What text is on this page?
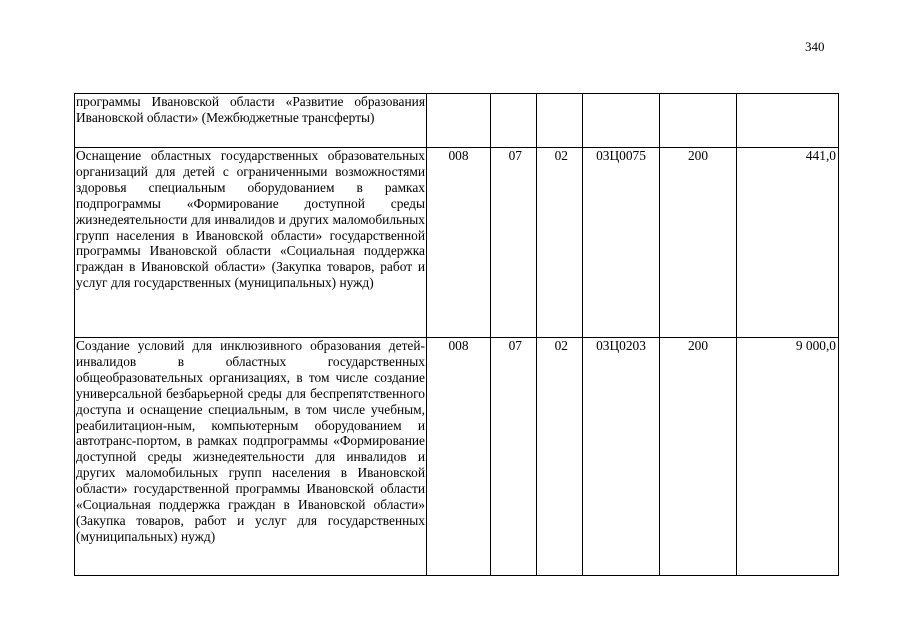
340
программы Ивановской области «Развитие образования Ивановской области» (Межбюджетные трансферты)						

Оснащение областных государственных образовательных организаций для детей с ограниченными возможностями здоровья специальным оборудованием в рамках подпрограммы «Формирование доступной среды жизнедеятельности для инвалидов и других маломобильных групп населения в Ивановской области» государственной программы Ивановской области «Социальная поддержка граждан в Ивановской области» (Закупка товаров, работ и услуг для государственных (муниципальных) нужд)	008	07	02	03Ц0075	200	441,0

Создание условий для инклюзивного образования детей-инвалидов в областных государственных общеобразовательных организациях, в том числе создание универсальной безбарьерной среды для беспрепятственного доступа и оснащение специальным, в том числе учебным, реабилитацион-ным, компьютерным оборудованием и автотранс-портом, в рамках подпрограммы «Формирование доступной среды жизнедеятельности для инвалидов и других маломобильных групп населения в Ивановской области» государственной программы Ивановской области «Социальная поддержка граждан в Ивановской области» (Закупка товаров, работ и услуг для государственных (муниципальных) нужд)	008	07	02	03Ц0203	200	9 000,0
